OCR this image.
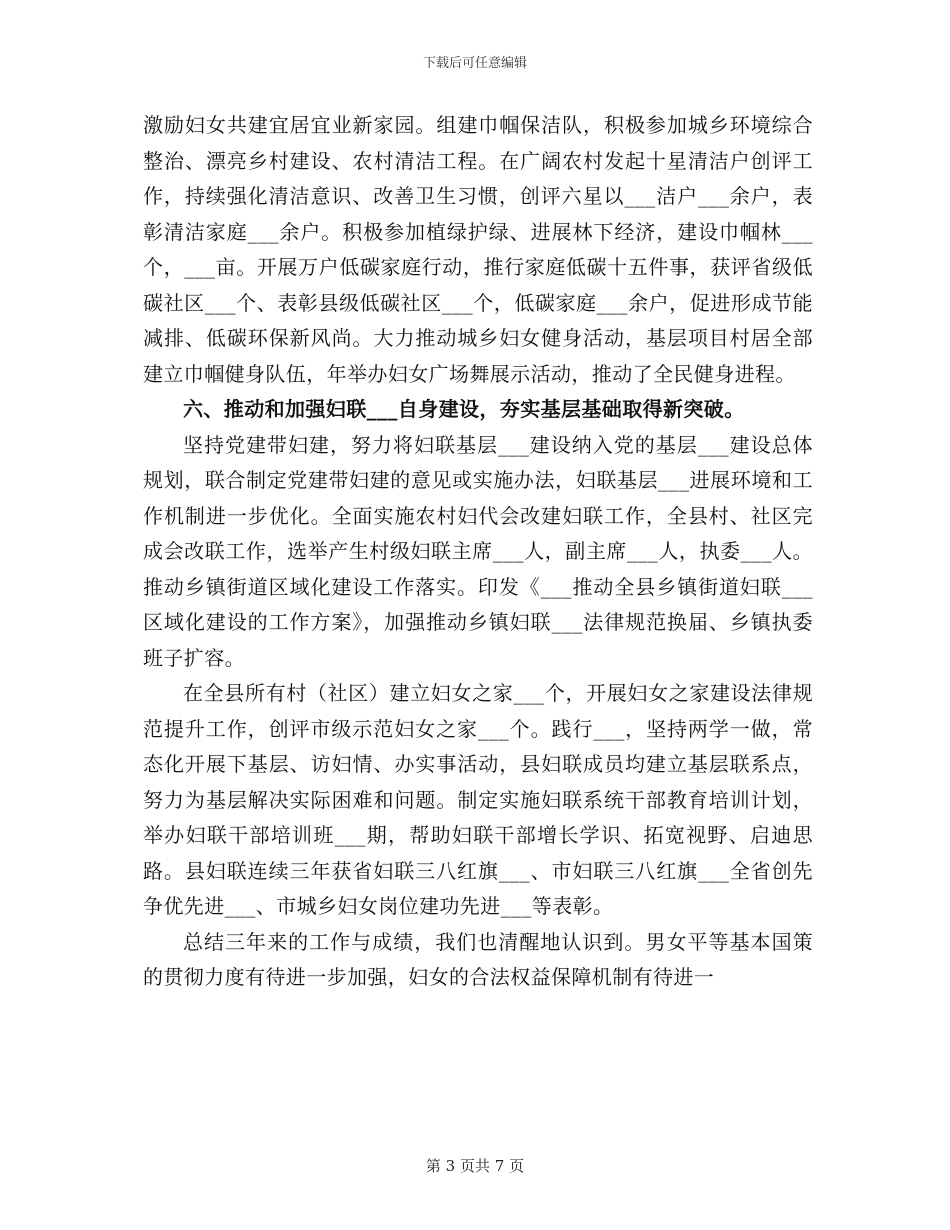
下载后可任意编辑

激励妇女共建宜居宜业新家园。组建巾帼保洁队，积极参加城乡环境综合整治、漂亮乡村建设、农村清洁工程。在广阔农村发起十星清洁户创评工作，持续强化清洁意识、改善卫生习惯，创评六星以___洁户___余户，表彰清洁家庭___余户。积极参加植绿护绿、进展林下经济，建设巾帼林___个，___亩。开展万户低碳家庭行动，推行家庭低碳十五件事，获评省级低碳社区___个、表彰县级低碳社区___个，低碳家庭___余户，促进形成节能减排、低碳环保新风尚。大力推动城乡妇女健身活动，基层项目村居全部建立巾帼健身队伍，年举办妇女广场舞展示活动，推动了全民健身进程。

六、推动和加强妇联___自身建设，夯实基层基础取得新突破。

坚持党建带妇建，努力将妇联基层___建设纳入党的基层___建设总体规划，联合制定党建带妇建的意见或实施办法，妇联基层___进展环境和工作机制进一步优化。全面实施农村妇代会改建妇联工作，全县村、社区完成会改联工作，选举产生村级妇联主席___人，副主席___人，执委___人。推动乡镇街道区域化建设工作落实。印发《___推动全县乡镇街道妇联___区域化建设的工作方案》，加强推动乡镇妇联___法律规范换届、乡镇执委班子扩容。

在全县所有村（社区）建立妇女之家___个，开展妇女之家建设法律规范提升工作，创评市级示范妇女之家___个。践行___，坚持两学一做，常态化开展下基层、访妇情、办实事活动，县妇联成员均建立基层联系点，努力为基层解决实际困难和问题。制定实施妇联系统干部教育培训计划，举办妇联干部培训班___期，帮助妇联干部增长学识、拓宽视野、启迪思路。县妇联连续三年获省妇联三八红旗___、市妇联三八红旗___全省创先争优先进___、市城乡妇女岗位建功先进___等表彰。

总结三年来的工作与成绩，我们也清醒地认识到。男女平等基本国策的贯彻力度有待进一步加强，妇女的合法权益保障机制有待进一

第 3 页共 7 页
